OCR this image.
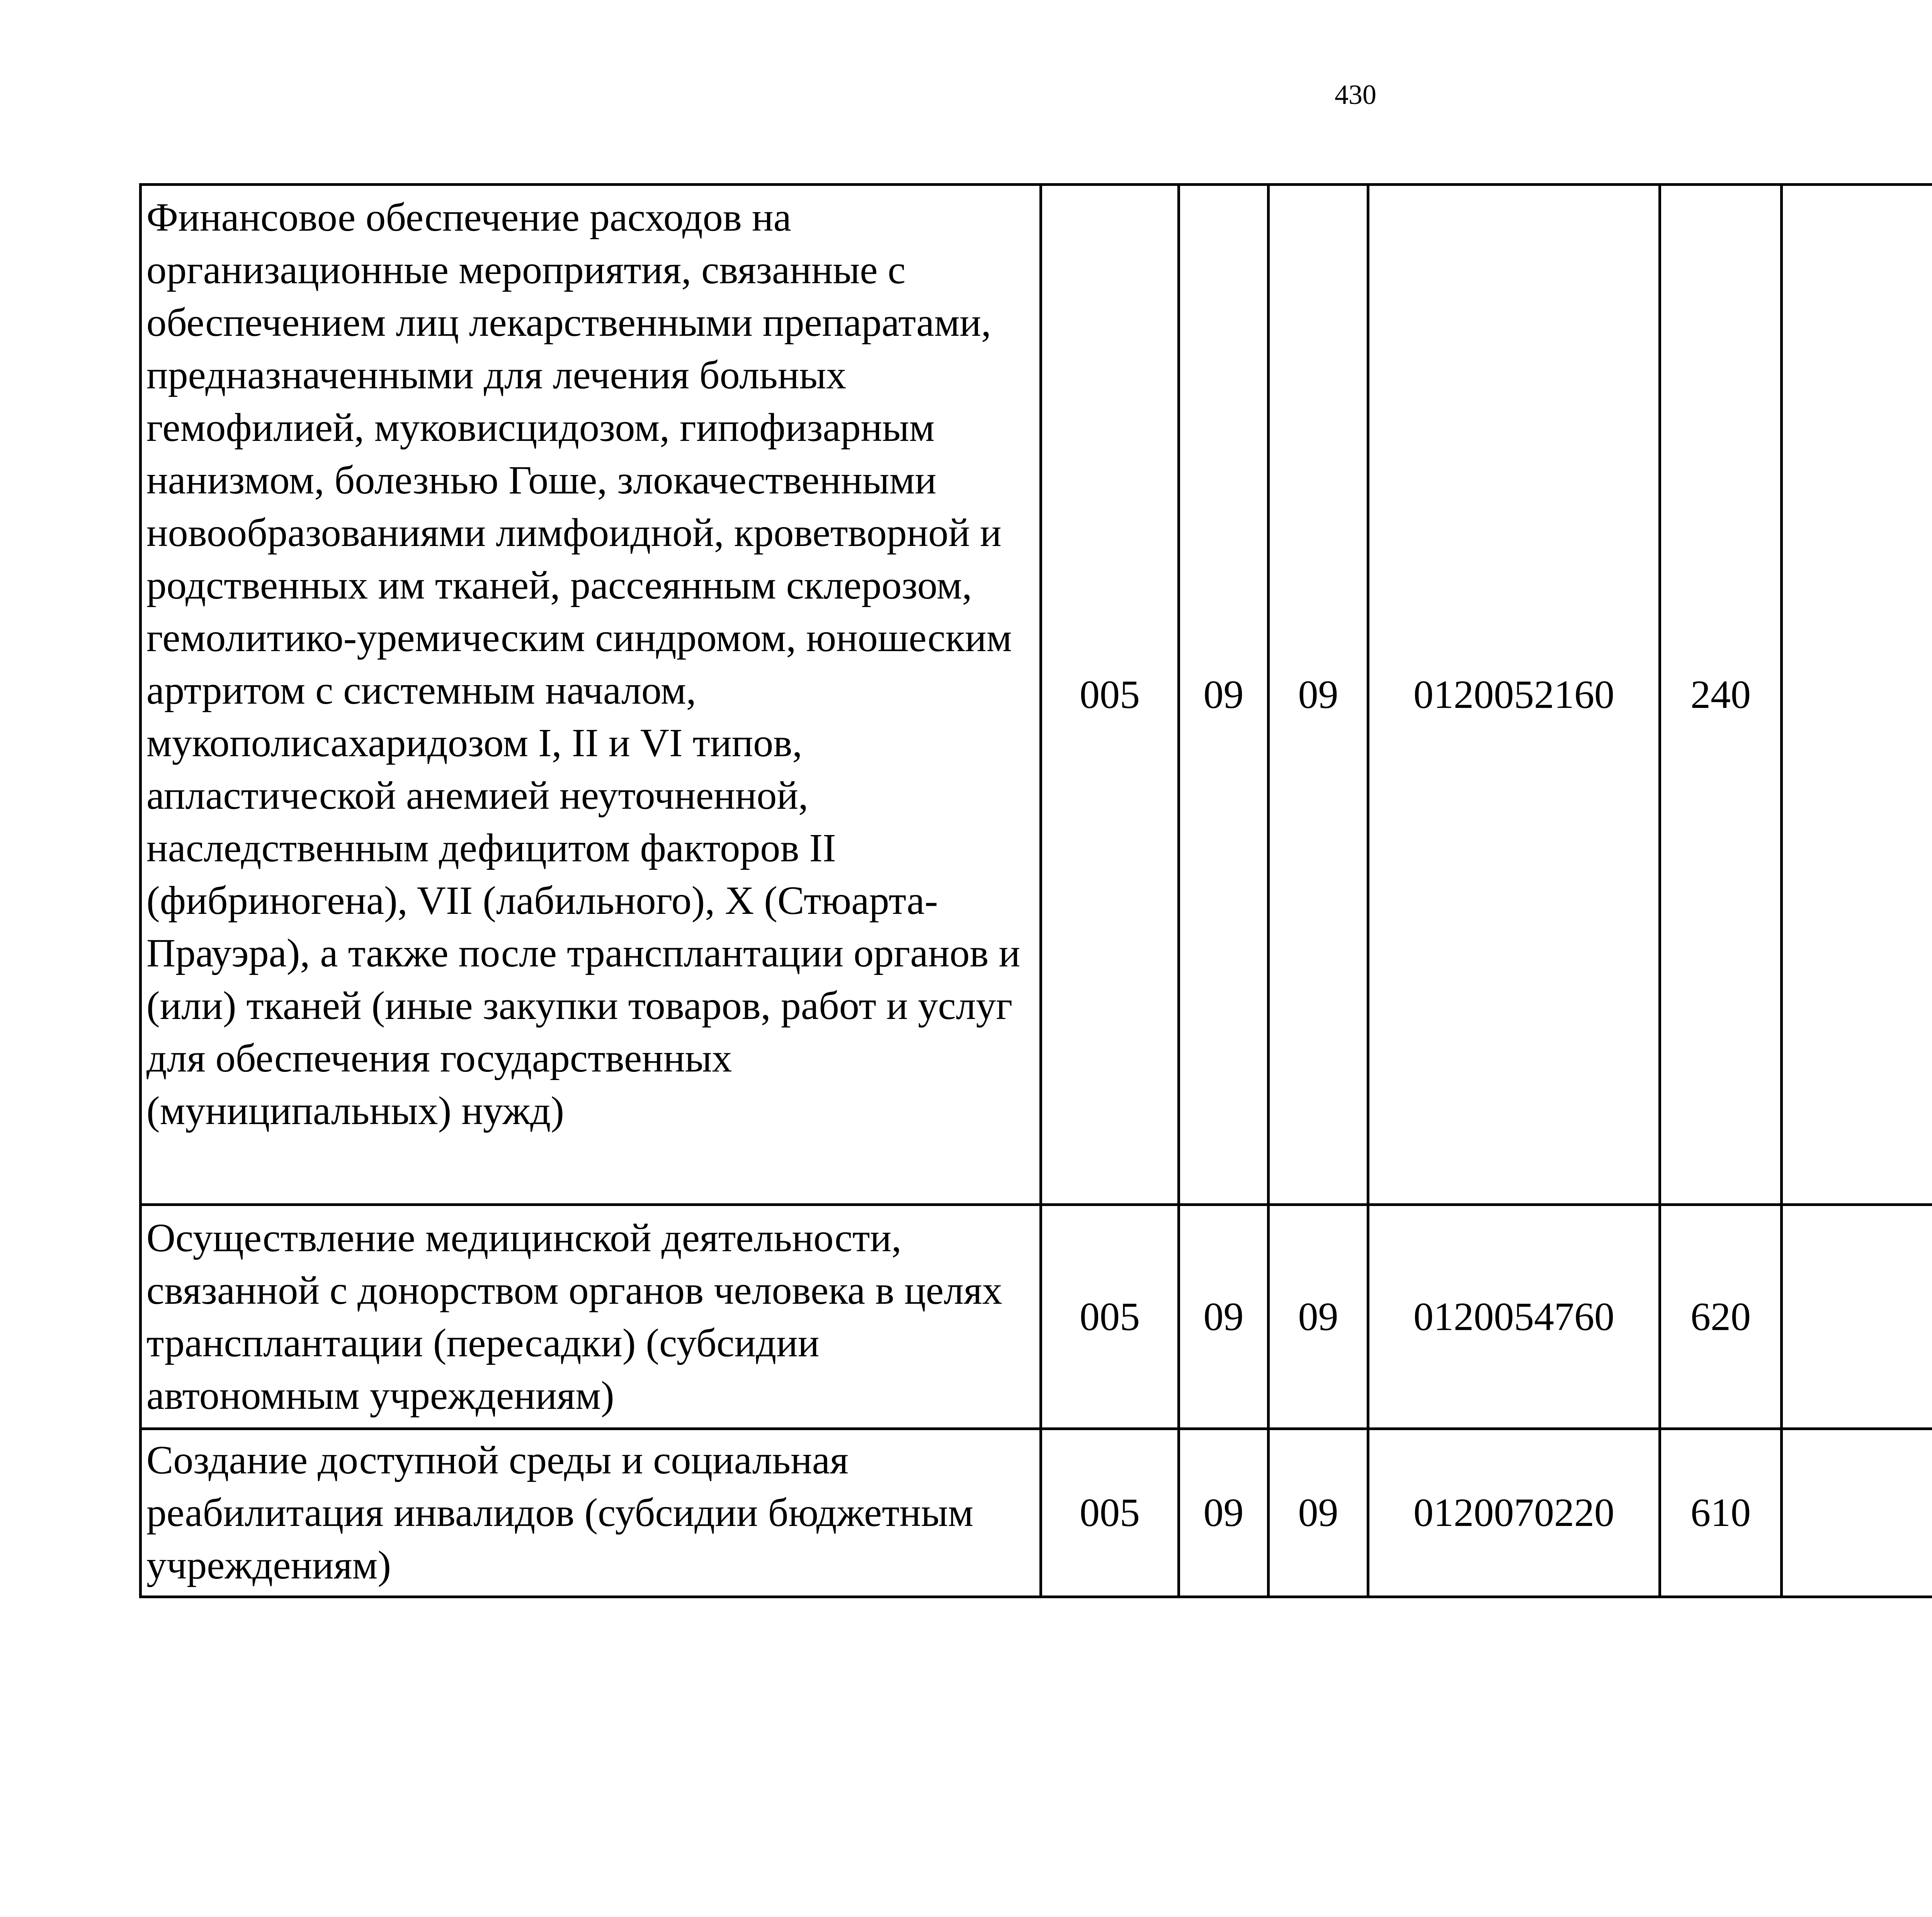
430
Финансовое обеспечение расходов на организационные мероприятия, связанные с обеспечением лиц лекарственными препаратами, предназначенными для лечения больных гемофилией, муковисцидозом, гипофизарным нанизмом, болезнью Гоше, злокачественными новообразованиями лимфоидной, кроветворной и родственных им тканей, рассеянным склерозом, гемолитико-уремическим синдромом, юношеским артритом с системным началом, мукополисахаридозом I, II и VI типов, апластической анемией неуточненной, наследственным дефицитом факторов II (фибриногена), VII (лабильного), X (Стюарта-Прауэра), а также после трансплантации органов и (или) тканей (иные закупки товаров, работ и услуг для обеспечения государственных (муниципальных) нужд)	005	09	09	0120052160	240			
Осуществление медицинской деятельности, связанной с донорством органов человека в целях трансплантации (пересадки) (субсидии автономным учреждениям)	005	09	09	0120054760	620			
Создание доступной среды и социальная реабилитация инвалидов (субсидии бюджетным учреждениям)	005	09	09	0120070220	610			
